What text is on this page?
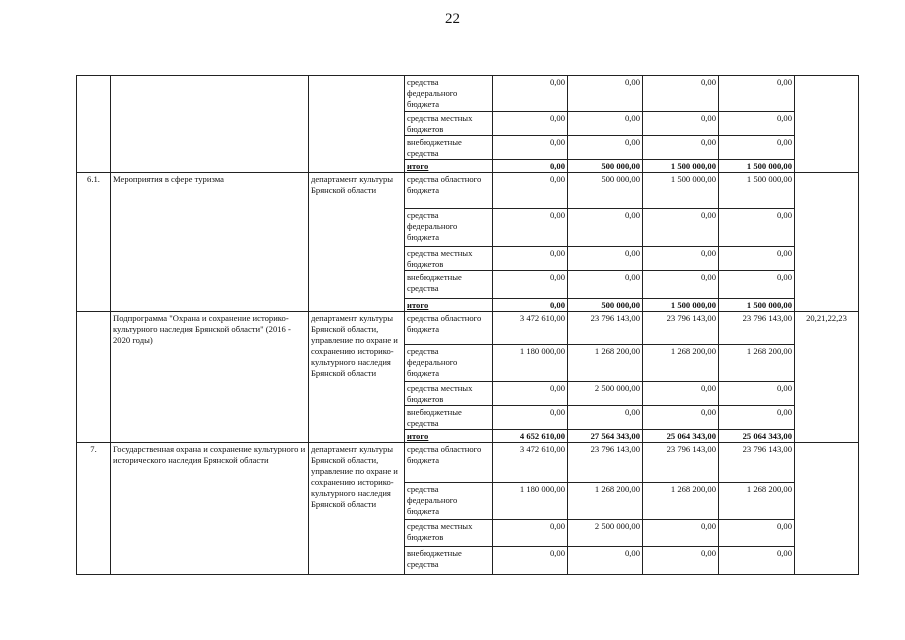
22
			средства федерального бюджета	0,00	0,00	0,00	0,00	
			средства местных бюджетов	0,00	0,00	0,00	0,00	
			внебюджетные средства	0,00	0,00	0,00	0,00	
			итого	0,00	500 000,00	1 500 000,00	1 500 000,00	
6.1.	Мероприятия в сфере туризма	департамент культуры Брянской области	средства областного бюджета	0,00	500 000,00	1 500 000,00	1 500 000,00	
			средства федерального бюджета	0,00	0,00	0,00	0,00	
			средства местных бюджетов	0,00	0,00	0,00	0,00	
			внебюджетные средства	0,00	0,00	0,00	0,00	
			итого	0,00	500 000,00	1 500 000,00	1 500 000,00	
	Подпрограмма "Охрана и сохранение историко-культурного наследия Брянской области" (2016 - 2020 годы)	департамент культуры Брянской области, управление по охране и сохранению историко-культурного наследия Брянской области	средства областного бюджета	3 472 610,00	23 796 143,00	23 796 143,00	23 796 143,00	20,21,22,23
			средства федерального бюджета	1 180 000,00	1 268 200,00	1 268 200,00	1 268 200,00	
			средства местных бюджетов	0,00	2 500 000,00	0,00	0,00	
			внебюджетные средства	0,00	0,00	0,00	0,00	
			итого	4 652 610,00	27 564 343,00	25 064 343,00	25 064 343,00	
7.	Государственная охрана и сохранение культурного и исторического наследия Брянской области	департамент культуры Брянской области, управление по охране и сохранению историко-культурного наследия Брянской области	средства областного бюджета	3 472 610,00	23 796 143,00	23 796 143,00	23 796 143,00	
			средства федерального бюджета	1 180 000,00	1 268 200,00	1 268 200,00	1 268 200,00	
			средства местных бюджетов	0,00	2 500 000,00	0,00	0,00	
			внебюджетные средства	0,00	0,00	0,00	0,00	
